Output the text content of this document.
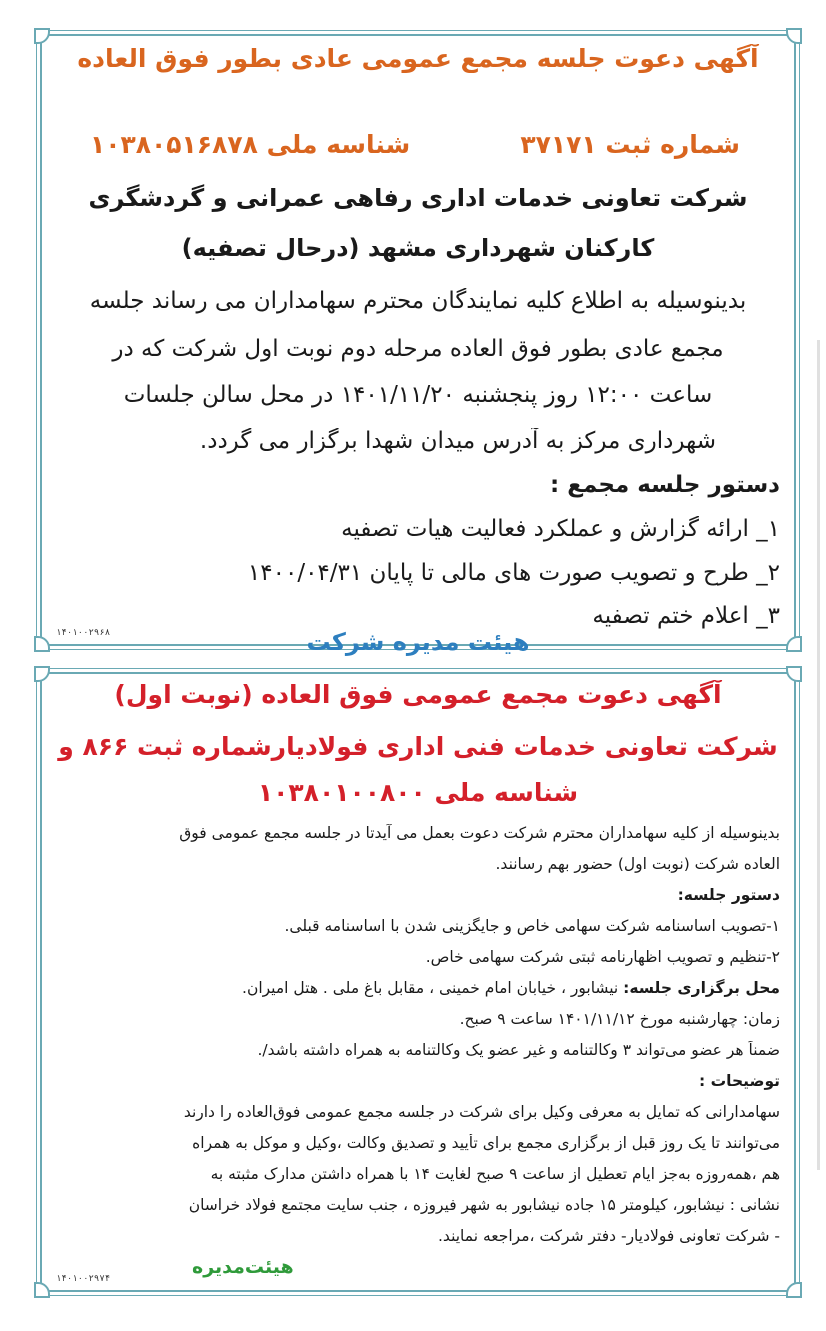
آگهی دعوت جلسه مجمع عمومی عادی بطور فوق العاده
شماره ثبت ۳۷۱۷۱
شناسه ملی ۱۰۳۸۰۵۱۶۸۷۸
شرکت تعاونی خدمات اداری رفاهی عمرانی و گردشگری
کارکنان شهرداری مشهد (درحال تصفیه)
بدینوسیله به اطلاع کلیه نمایندگان محترم سهامداران می رساند جلسه
مجمع عادی بطور فوق العاده مرحله دوم نوبت اول شرکت که در
ساعت ۱۲:۰۰ روز پنجشنبه ۱۴۰۱/۱۱/۲۰ در محل سالن جلسات
شهرداری مرکز به آدرس میدان شهدا برگزار می گردد.
دستور جلسه مجمع :
۱_ ارائه گزارش و عملکرد فعالیت هیات تصفیه
۲_ طرح و تصویب صورت های مالی تا پایان ۱۴۰۰/۰۴/۳۱
۳_ اعلام ختم تصفیه
هیئت مدیره شرکت
۱۴۰۱۰۰۲۹۶۸
آگهی دعوت مجمع عمومی فوق العاده (نوبت اول)
شرکت تعاونی خدمات فنی اداری فولادیارشماره ثبت ۸۶۶ و
شناسه ملی ۱۰۳۸۰۱۰۰۸۰۰
بدینوسیله از کلیه سهامداران محترم شرکت دعوت بعمل می آیدتا در جلسه مجمع عمومی فوق
العاده شرکت (نوبت اول) حضور بهم رسانند.
دستور جلسه:
۱-تصویب اساسنامه شرکت سهامی خاص و جایگزینی شدن با اساسنامه قبلی.
۲-تنظیم و تصویب اظهارنامه ثبتی شرکت سهامی خاص.
محل برگزاری جلسه: نیشابور ، خیابان امام خمینی ، مقابل باغ ملی . هتل امیران.
زمان: چهارشنبه مورخ ۱۴۰۱/۱۱/۱۲ ساعت ۹ صبح.
ضمناً هر عضو می‌تواند ۳ وکالتنامه و غیر عضو یک وکالتنامه به همراه داشته باشد/.
توضیحات :
سهامدارانی که تمایل به معرفی وکیل برای شرکت در جلسه مجمع عمومی فوق‌العاده را دارند
می‌توانند تا یک روز قبل از برگزاری مجمع برای تأیید و تصدیق وکالت ،وکیل و موکل به همراه
هم ،همه‌روزه به‌جز ایام تعطیل از ساعت ۹ صبح لغایت ۱۴ با همراه داشتن مدارک مثبته به
نشانی : نیشابور، کیلومتر ۱۵ جاده نیشابور به شهر فیروزه ، جنب سایت مجتمع فولاد خراسان
- شرکت تعاونی فولادیار- دفتر شرکت ،مراجعه نمایند.
هیئت‌مدیره
۱۴۰۱۰۰۲۹۷۴
